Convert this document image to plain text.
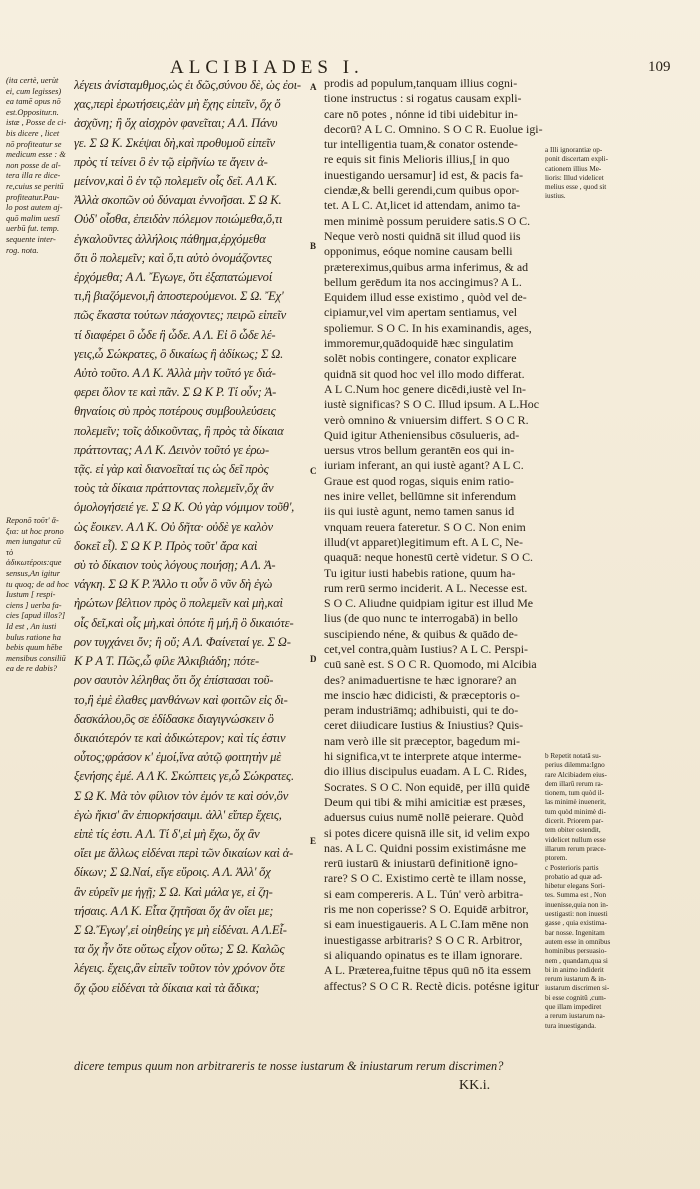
ALCIBIADES I.	109
(ita certè, uerùt
ei, cum legisses)
ea tamē opus nō
est.Oppositur.n.
istæ , Posse de ci-
bis dicere , licet
nō profiteatur se
medicum esse : &
non posse de al-
tera illa re dice-
re,cuius se peritū
profiteatur.Pau-
lo post autem aj-
quō malim uestī
uerbū fut. temp.
sequente inter-
rog. nota.
Reponō τοῦτ' ἄ-
ξια: ut hoc prono
men iungatur cū
τὸ ἀδικωτέροιs:que
sensus,An igitur
tu quoq; de ad hoc
Iustum [ respi-
ciens ] uerba fa-
cies [apud illos?]
Id est , An iusti
bulus ratione ha
bebis quum hēbe
mensibus consiliū
ea de re dabis?
λέγειs ἀνίσταμθμος,ὡς ἐι δῶς,σύνου δὲ, ὡς ἐοι-
χας,περὶ ἐρωτήσεις,ἐὰν μὴ ἔχης εἰπεῖν, ὅχ ὅ
ἀσχῦνη; ἢ ὅχ αἰσχρὸν φανεῖται; Α Λ. Πάνυ
γε. Σ Ω Κ. Σκέψαι δὴ,καὶ προθυμοῦ εἰπεῖν
πρὸς τί τείνει ὃ ἐν τῷ εἰρῆνίω τε ἄγειν ἀ-
μείνον,καὶ ὃ ἐν τῷ πολεμεῖν οἷς δεῖ. Α Λ Κ.
Ἀλλὰ σκοπῶν οὐ δύναμαι ἐννοῆσαι. Σ Ω Κ.
Οὐδ' οἶσθα, ἐπειδὰν πόλεμον ποιώμεθα,ὅ,τι
ἐγκαλοῦντες ἀλλήλοις πάθημα,ἐρχόμεθα
ὅτι ὃ πολεμεῖν; καὶ ὅ,τι αὐτὸ ὀνομάζοντες
ἐρχόμεθα; Α Λ. Ἔγωγε, ὅτι ἐξαπατώμενοί
τι,ἢ βιαζόμενοι,ἢ ἀποστερούμενοι. Σ Ω. Ἔχ'
πῶς ἕκαστα τούτων πάσχοντες; πειρῶ εἰπεῖν
τί διαφέρει ὃ ὧδε ἢ ὧδε. Α Λ. Εἰ ὃ ὧδε λέ-
γεις,ὦ Σώκρατες, ὃ δικαίως ἢ ἀδίκως; Σ Ω.
Αὐτὸ τοῦτο. Α Λ Κ. Ἀλλὰ μὴν τοῦτό γε διά-
φερει ὅλον τε καὶ πᾶν. Σ Ω Κ Ρ. Τί οὖν; Ἀ-
θηναίοις σὺ πρὸς ποτέρους συμβουλεύσεις
πολεμεῖν; τοῖς ἀδικοῦντας, ἢ πρὸς τὰ δίκαια
πράττοντας; Α Λ Κ. Δεινὸν τοῦτό γε ἐρω-
τᾷς. εἰ γὰρ καὶ διανοεῖταί τις ὡς δεῖ πρὸς
τοὺς τὰ δίκαια πράττοντας πολεμεῖν,ὅχ ἂν
ὁμολογήσειέ γε. Σ Ω Κ. Οὐ γὰρ νόμιμον τοῦθ',
ὡς ἔοικεν. Α Λ Κ. Οὐ δῆτα· οὐδὲ γε καλὸν
δοκεῖ εἶ). Σ Ω Κ Ρ. Πρὸς τοῦτ' ἄρα καὶ
σὺ τὸ δίκαιον τοὺς λόγους ποιήσῃ; Α Λ. Ἀ-
νάγκη. Σ Ω Κ Ρ. Ἄλλο τι οὖν ὃ νῦν δὴ ἐγὼ
ἠρώτων βέλτιον πρὸς ὃ πολεμεῖν καὶ μὴ,καὶ
οἷς δεῖ,καὶ οἷς μὴ,καὶ ὁπότε ἢ μή,ἢ ὃ δικαιότε-
ρον τυγχάνει ὄν; ἢ οὔ; Α Λ. Φαίνεταί γε. Σ Ω-
Κ Ρ Α Τ. Πῶς,ὦ φίλε Ἀλκιβιάδη; πότε-
ρον σαυτὸν λέληθας ὅτι ὅχ ἐπίστασαι τοῦ-
το,ἢ ἐμὲ ἐλαθες μανθάνων καὶ φοιτῶν εἰς δι-
δασκάλου,ὃς σε ἐδίδασκε διαγιγνώσκειν ὃ
δικαιότερόν τε καὶ ἀδικώτερον; καὶ τίς ἐστιν
οὗτος;φράσον κ' ἐμοί,ἵνα αὐτῷ φοιτητὴν μὲ
ξενήσης ἐμέ. Α Λ Κ. Σκώπτεις γε,ὦ Σώκρατες.
Σ Ω Κ. Μὰ τὸν φίλιον τὸν ἐμόν τε καὶ σόν,ὃν
ἐγὼ ἥκισ' ἂν ἐπιορκήσαιμι. ἀλλ' εἴπερ ἔχεις,
εἰπὲ τίς ἐστι. Α Λ. Τί δ',εἰ μὴ ἔχω, ὅχ ἂν
οἴει με ἄλλως εἰδέναι περὶ τῶν δικαίων καὶ ἀ-
δίκων; Σ Ω.Ναί, εἴγε εὕροις. Α Λ. Ἀλλ' ὅχ
ἂν εὑρεῖν με ἡγῇ; Σ Ω. Καὶ μάλα γε, εἰ ζη-
τήσαις. Α Λ Κ. Εἶτα ζητῆσαι ὅχ ἂν οἴει με;
Σ Ω.Ἔγωγ',εἰ οἰηθείης γε μὴ εἰδέναι. Α Λ.Εἶ-
τα ὅχ ἦν ὅτε οὕτως εἶχον οὕτω; Σ Ω. Καλῶς
λέγεις. ἔχεις,ἂν εἰπεῖν τοῦτον τὸν χρόνον ὅτε
ὅχ ᾤου εἰδέναι τὰ δίκαια καὶ τὰ ἄδικα;
A
B
C
D
E
prodis ad populum,tanquam illius cogni-
tione instructus : si rogatus causam expli-
care nō potes , nónne id tibi uidebitur in-
decorū? A L C. Omnino. S O C R. Euolue igi-
tur intelligentia tuam,& conator ostende-
re equis sit finis Melioris illius,[ in quo
inuestigando uersamur] id est, & pacis fa-
ciendæ,& belli gerendi,cum quibus opor-
tet. A L C. At,licet id attendam, animo ta-
men minimè possum peruidere satis.S O C.
Neque verò nosti quidnā sit illud quod iis
opponimus, eóque nomine causam belli
prætereximus,quibus arma inferimus, & ad
bellum gerēdum ita nos accingimus? A L.
Equidem illud esse existimo , quòd vel de-
cipiamur,vel vim apertam sentiamus, vel
spoliemur. S O C. In his examinandis, ages,
immoremur,quādoquidē hæc singulatim
solēt nobis contingere, conator explicare
quidnā sit quod hoc vel illo modo differat.
A L C.Num hoc genere dicēdi,iustè vel In-
iustè significas? S O C. Illud ipsum. A L.Hoc
verò omnino & vniuersim differt. S O C R.
Quid igitur Atheniensibus cōsulueris, ad-
uersus vtros bellum gerantēn eos qui in-
iuriam inferant, an qui iustè agant? A L C.
Graue est quod rogas, siquis enim ratio-
nes inire vellet, bellūmne sit inferendum
iis qui iustè agunt, nemo tamen sanus id
vnquam reuera fateretur. S O C. Non enim
illud(vt apparet)legitimum eft. A L C, Ne-
quaquā: neque honestū certè videtur. S O C.
Tu igitur iusti habebis ratione, quum ha-
rum rerū sermo inciderit. A L. Necesse est.
S O C. Aliudne quidpiam igitur est illud Me
lius (de quo nunc te interrogabā) in bello
suscipiendo néne, & quibus & quādo de-
cet,vel contra,quàm Iustius? A L C. Perspi-
cuū sanè est. S O C R. Quomodo, mi Alcibia
des? animaduertisne te hæc ignorare? an
me inscio hæc didicisti, & præceptoris o-
peram industriāmq; adhibuisti, qui te do-
ceret diiudicare Iustius & Iniustius? Quis-
nam verò ille sit præceptor, bagedum mi-
hi significa,vt te interprete atque interme-
dio illius discipulus euadam. A L C. Rides,
Socrates. S O C. Non equidē, per illū quidē
Deum qui tibi & mihi amicitiæ est præses,
aduersus cuius numē nollē peierare. Quòd
si potes dicere quisnā ille sit, id velim expo
nas. A L C. Quidni possim existimásne me
rerū iustarū & iniustarū definitionē igno-
rare? S O C. Existimo certè te illam nosse,
si eam compereris. A L. Tún' verò arbitra-
ris me non coperisse? S O. Equidē arbitror,
si eam inuestigaueris. A L C.Iam mēne non
inuestigasse arbitraris? S O C R. Arbitror,
si aliquando opinatus es te illam ignorare.
A L. Præterea,fuitne tēpus quū nō ita essem
affectus? S O C R. Rectè dicis. potésne igitur
a Illi ignorantiæ op-
ponit discertam expli-
cationem illius Me-
lioris: Illud videlicet
melius esse , quod sit
iustius.
b Repetit notatā su-
perius dilemma:Igno
rare Alcibiadem eius-
dem illarū rerum ra-
tionem, tum quòd il-
las minimè inuenerit,
tum quòd minimè di-
dicerit. Priorem par-
tem obiter ostendit,
videlicet nullum esse
illarum rerum præce-
ptorem.
c Posterioris partis
probatio ad quæ ad-
hibetur elegans Sori-
tes. Summa est , Non
inuenisse,quia non in-
uestigasti: non inuesti
gasse , quia existima-
bar nosse. Ingenitam
autem esse in omnibus
hominibus persuasio-
nem , quandam,qua si
bi in animo indiderit
rerum iustarum & in-
iustarum discrimen si-
bi esse cognitū ,cum-
que illam impediret
a rerum iustarum na-
tura inuestiganda.
dicere tempus quum non arbitrareris te nosse iustarum & iniustarum rerum discrimen?
KK.i.
